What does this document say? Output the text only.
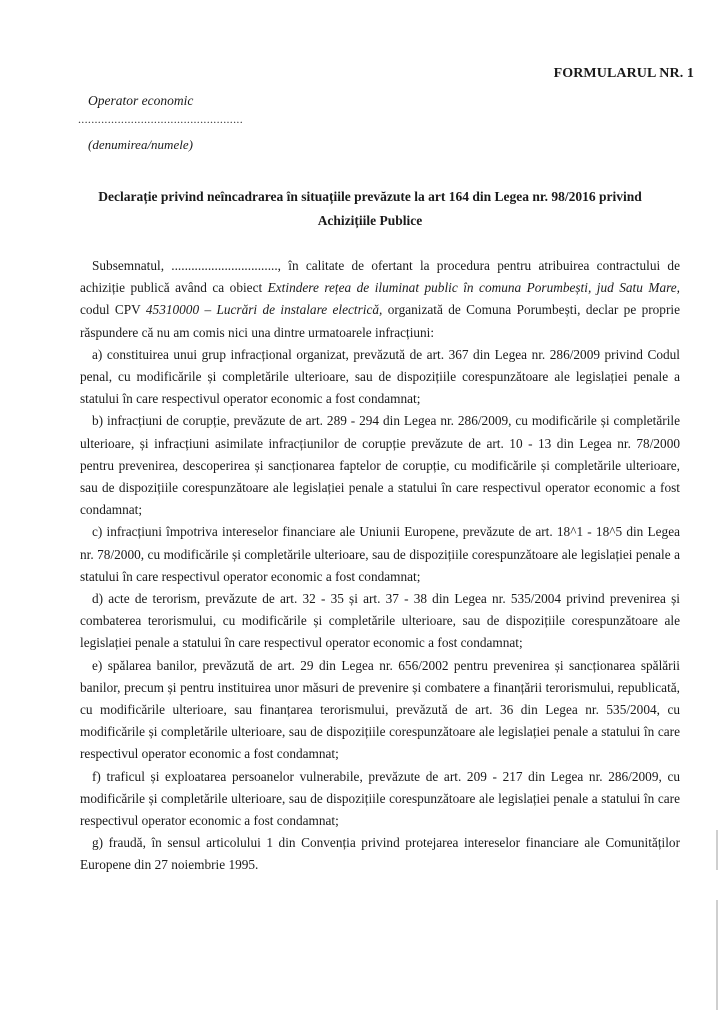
FORMULARUL NR. 1
Operator economic
..................................................
(denumirea/numele)
Declarație privind neîncadrarea în situațiile prevăzute la art 164 din Legea nr. 98/2016 privind
Achizițiile Publice

Subsemnatul, ................................, în calitate de ofertant la procedura pentru atribuirea contractului de achiziție publică având ca obiect Extindere rețea de iluminat public în comuna Porumbești, jud Satu Mare, codul CPV 45310000 – Lucrări de instalare electrică, organizată de Comuna Porumbești, declar pe proprie răspundere că nu am comis nici una dintre urmatoarele infracțiuni:

a) constituirea unui grup infracțional organizat, prevăzută de art. 367 din Legea nr. 286/2009 privind Codul penal, cu modificările și completările ulterioare, sau de dispozițiile corespunzătoare ale legislației penale a statului în care respectivul operator economic a fost condamnat;

b) infracțiuni de corupție, prevăzute de art. 289 - 294 din Legea nr. 286/2009, cu modificările și completările ulterioare, și infracțiuni asimilate infracțiunilor de corupție prevăzute de art. 10 - 13 din Legea nr. 78/2000 pentru prevenirea, descoperirea și sancționarea faptelor de corupție, cu modificările și completările ulterioare, sau de dispozițiile corespunzătoare ale legislației penale a statului în care respectivul operator economic a fost condamnat;

c) infracțiuni împotriva intereselor financiare ale Uniunii Europene, prevăzute de art. 18^1 - 18^5 din Legea nr. 78/2000, cu modificările și completările ulterioare, sau de dispozițiile corespunzătoare ale legislației penale a statului în care respectivul operator economic a fost condamnat;

d) acte de terorism, prevăzute de art. 32 - 35 și art. 37 - 38 din Legea nr. 535/2004 privind prevenirea și combaterea terorismului, cu modificările și completările ulterioare, sau de dispozițiile corespunzătoare ale legislației penale a statului în care respectivul operator economic a fost condamnat;

e) spălarea banilor, prevăzută de art. 29 din Legea nr. 656/2002 pentru prevenirea și sancționarea spălării banilor, precum și pentru instituirea unor măsuri de prevenire și combatere a finanțării terorismului, republicată, cu modificările ulterioare, sau finanțarea terorismului, prevăzută de art. 36 din Legea nr. 535/2004, cu modificările și completările ulterioare, sau de dispozițiile corespunzătoare ale legislației penale a statului în care respectivul operator economic a fost condamnat;

f) traficul și exploatarea persoanelor vulnerabile, prevăzute de art. 209 - 217 din Legea nr. 286/2009, cu modificările și completările ulterioare, sau de dispozițiile corespunzătoare ale legislației penale a statului în care respectivul operator economic a fost condamnat;

g) fraudă, în sensul articolului 1 din Convenția privind protejarea intereselor financiare ale Comunităților Europene din 27 noiembrie 1995.
